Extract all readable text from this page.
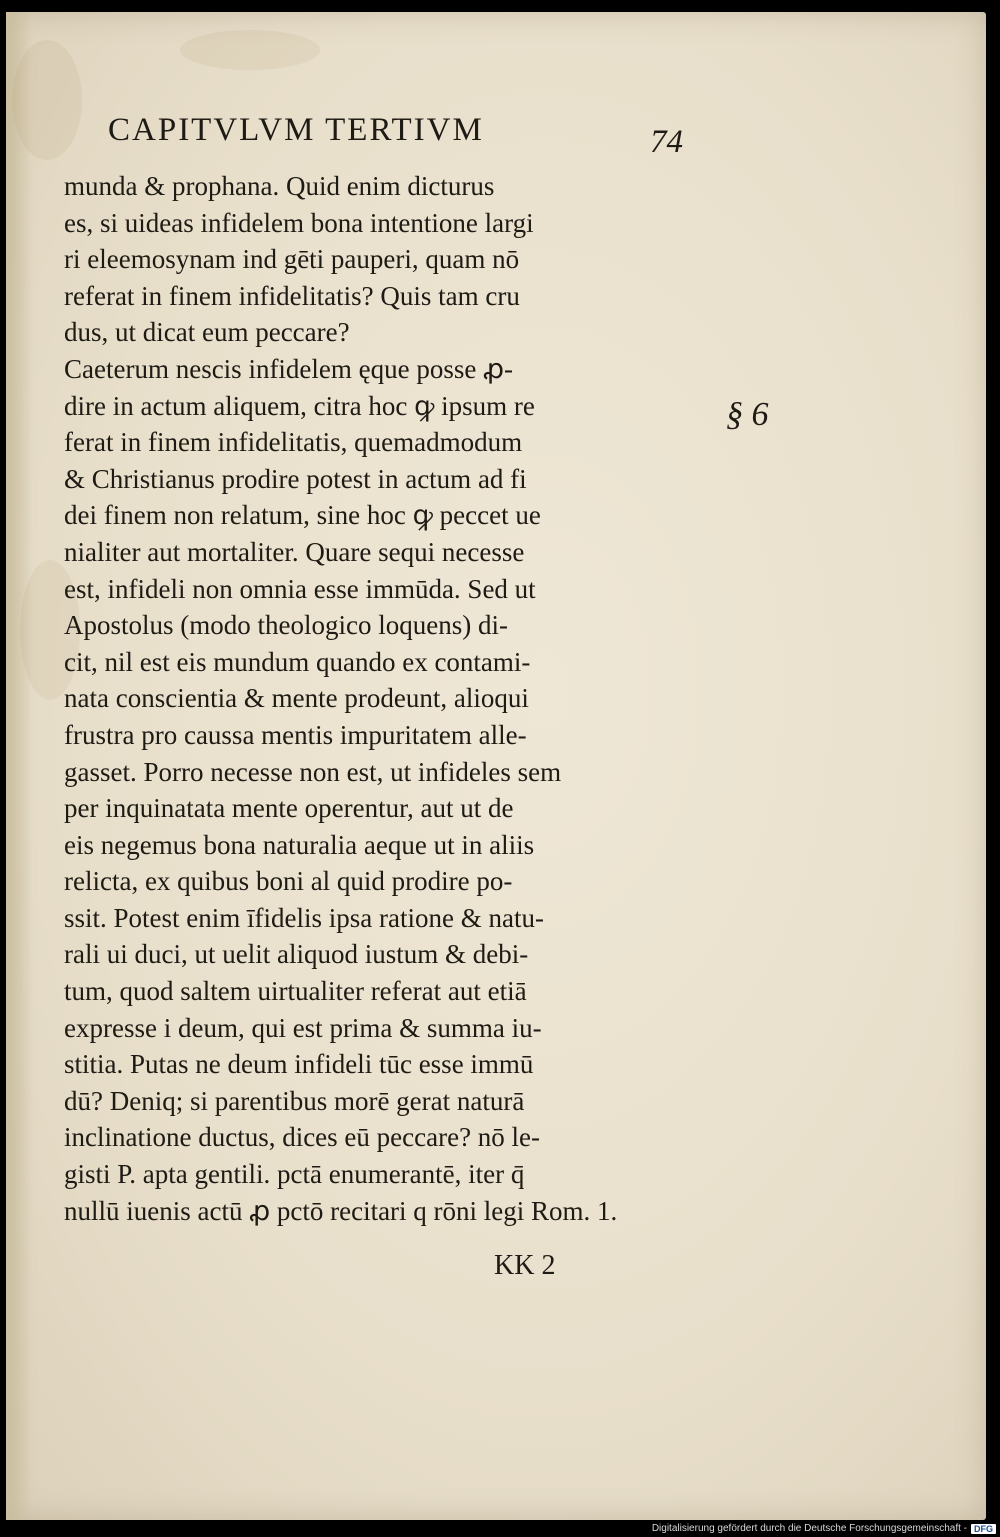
CAPITVLVM TERTIVM	74
munda & prophana. Quid enim dicturus
es, si uideas infidelem bona intentione largi
ri eleemosynam ind gēti pauperi, quam nō
referat in finem infidelitatis? Quis tam cru
dus, ut dicat eum peccare?
Caeterum nescis infidelem ęque posse ꝓ-
dire in actum aliquem, citra hoc ꝙ ipsum re
ferat in finem infidelitatis, quemadmodum
& Christianus prodire potest in actum ad fi
dei finem non relatum, sine hoc ꝙ peccet ue
nialiter aut mortaliter. Quare sequi necesse
est, infideli non omnia esse immūda. Sed ut
Apostolus (modo theologico loquens) di-
cit, nil est eis mundum quando ex contami-
nata conscientia & mente prodeunt, alioqui
frustra pro caussa mentis impuritatem alle-
gasset. Porro necesse non est, ut infideles sem
per inquinatata mente operentur, aut ut de
eis negemus bona naturalia aeque ut in aliis
relicta, ex quibus boni al quid prodire po-
ssit. Potest enim īfidelis ipsa ratione & natu-
rali ui duci, ut uelit aliquod iustum & debi-
tum, quod saltem uirtualiter referat aut etiā
expresse i deum, qui est prima & summa iu-
stitia. Putas ne deum infideli tūc esse immū
dū? Deniq; si parentibus morē gerat naturā
inclinatione ductus, dices eū peccare? nō le-
gisti P. apta gentili. pctā enumerantē, iter q̄
nullū iuenis actū ꝓ pctō recitari q rōni legi Rom. 1.
§ 6
KK 2
Digitalisierung gefördert durch die Deutsche Forschungsgemeinschaft - DFG
